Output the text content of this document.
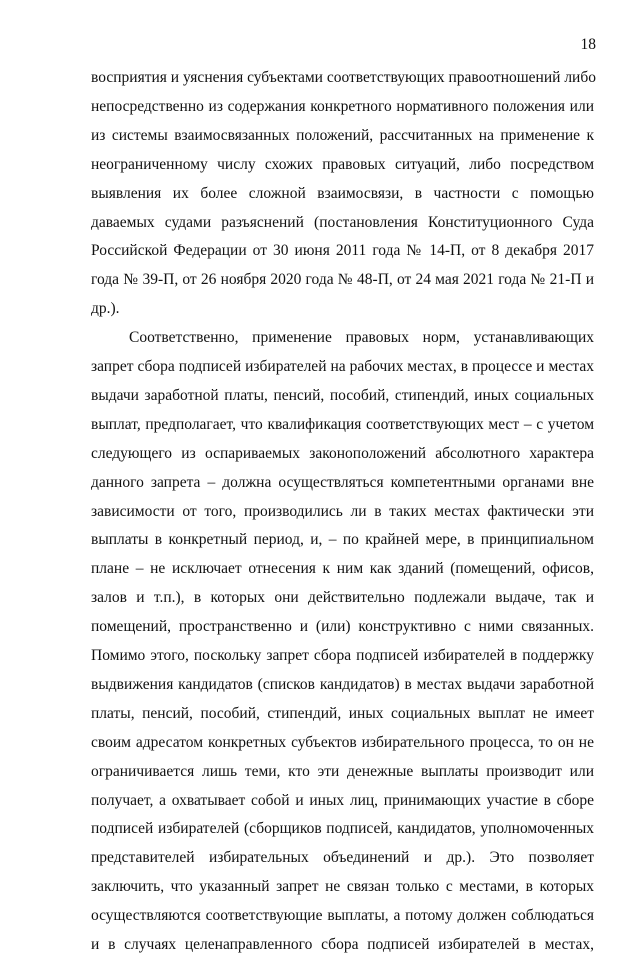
18
восприятия и уяснения субъектами соответствующих правоотношений либо
непосредственно из содержания конкретного нормативного положения или
из системы взаимосвязанных положений, рассчитанных на применение к
неограниченному числу схожих правовых ситуаций, либо посредством
выявления их более сложной взаимосвязи, в частности с помощью
даваемых судами разъяснений (постановления Конституционного Суда
Российской Федерации от 30 июня 2011 года № 14-П, от 8 декабря 2017
года № 39-П, от 26 ноября 2020 года № 48-П, от 24 мая 2021 года № 21-П и
др.).
Соответственно, применение правовых норм, устанавливающих
запрет сбора подписей избирателей на рабочих местах, в процессе и местах
выдачи заработной платы, пенсий, пособий, стипендий, иных социальных
выплат, предполагает, что квалификация соответствующих мест – с учетом
следующего из оспариваемых законоположений абсолютного характера
данного запрета – должна осуществляться компетентными органами вне
зависимости от того, производились ли в таких местах фактически эти
выплаты в конкретный период, и, – по крайней мере, в принципиальном
плане – не исключает отнесения к ним как зданий (помещений, офисов,
залов и т.п.), в которых они действительно подлежали выдаче, так и
помещений, пространственно и (или) конструктивно с ними связанных.
Помимо этого, поскольку запрет сбора подписей избирателей в поддержку
выдвижения кандидатов (списков кандидатов) в местах выдачи заработной
платы, пенсий, пособий, стипендий, иных социальных выплат не имеет
своим адресатом конкретных субъектов избирательного процесса, то он не
ограничивается лишь теми, кто эти денежные выплаты производит или
получает, а охватывает собой и иных лиц, принимающих участие в сборе
подписей избирателей (сборщиков подписей, кандидатов, уполномоченных
представителей избирательных объединений и др.). Это позволяет
заключить, что указанный запрет не связан только с местами, в которых
осуществляются соответствующие выплаты, а потому должен соблюдаться
и в случаях целенаправленного сбора подписей избирателей в местах,
